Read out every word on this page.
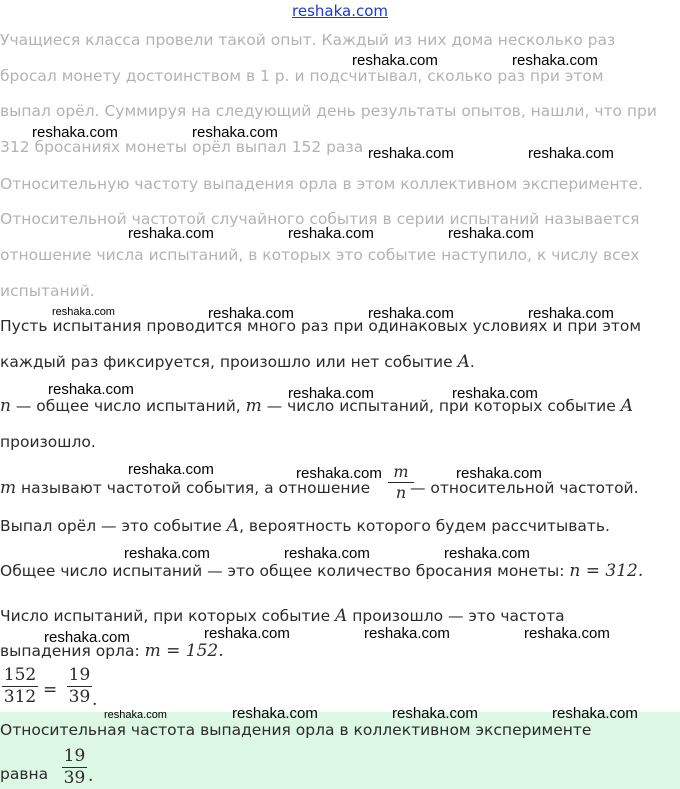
reshaka.com
Учащиеся класса провели такой опыт. Каждый из них дома несколько раз
бросал монету достоинством в 1 р. и подсчитывал, сколько раз при этом
выпал орёл. Суммируя на следующий день результаты опытов, нашли, что при
312 бросаниях монеты орёл выпал 152 раза
Относительную частоту выпадения орла в этом коллективном эксперименте.
Относительной частотой случайного события в серии испытаний называется
отношение числа испытаний, в которых это событие наступило, к числу всех
испытаний.
Пусть испытания проводится много раз при одинаковых условиях и при этом
каждый раз фиксируется, произошло или нет событие A.
n — общее число испытаний, m — число испытаний, при которых событие A
произошло.
m называют частотой события, а отношение  — относительной частотой.
m
n
Выпал орёл — это событие A, вероятность которого будем рассчитывать.
Общее число испытаний — это общее количество бросания монеты: n = 312.
Число испытаний, при которых событие A произошло — это частота
выпадения орла: m = 152.
152
312 =
19
39 .
Относительная частота выпадения орла в коллективном эксперименте
равна
19
39 .
reshaka.com	reshaka.com
reshaka.com	reshaka.com
reshaka.com	reshaka.com
reshaka.com	reshaka.com	reshaka.com
reshaka.com	reshaka.com	reshaka.com	reshaka.com
reshaka.com	reshaka.com	reshaka.com
reshaka.com	reshaka.com	reshaka.com
reshaka.com	reshaka.com	reshaka.com
reshaka.com	reshaka.com	reshaka.com	reshaka.com
reshaka.com	reshaka.com	reshaka.com	reshaka.com
